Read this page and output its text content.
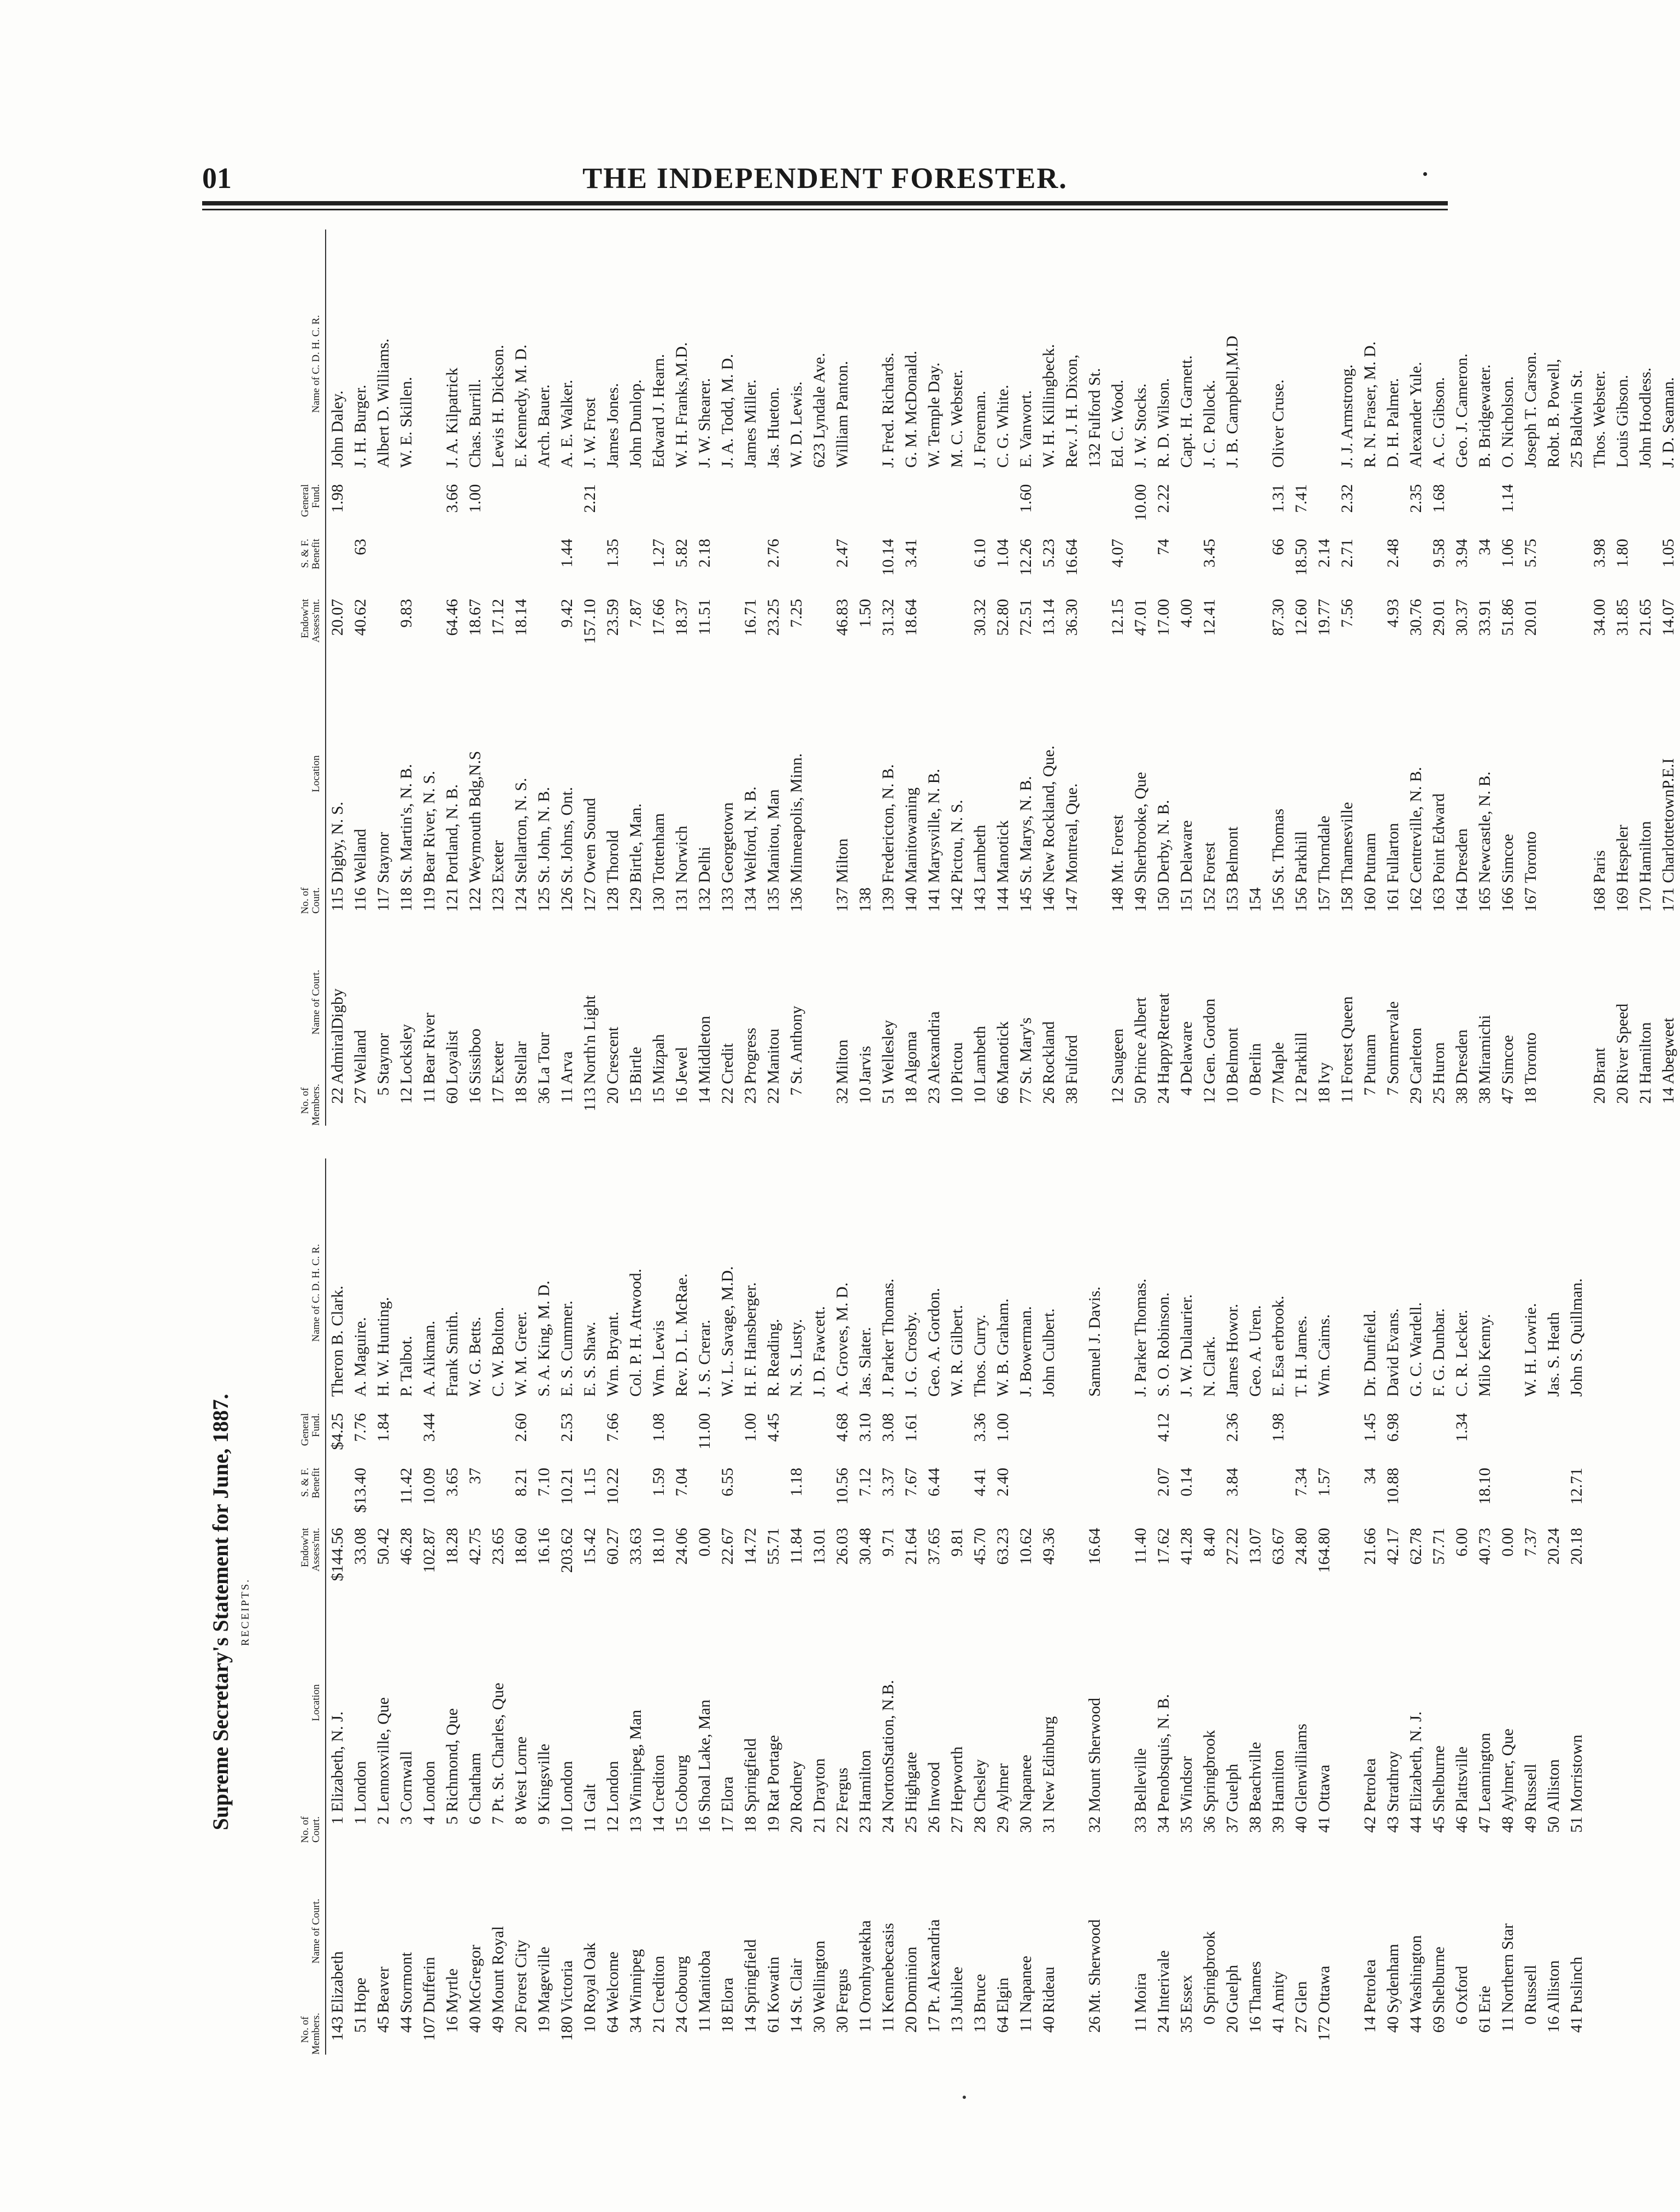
01	THE INDEPENDENT FORESTER.
Supreme Secretary's Statement for June, 1887. RECEIPTS.
No. of Members.
Name of Court.
No. of Court.
Location
Endow'nt Assess'mt.
S. & F. Benefit
General Fund.
Name of C. D. H. C. R.
143
Elizabeth
1
Elizabeth, N. J.
$144.56
$4.25
Theron B. Clark.
51
Hope
1
London
33.08
$13.40
7.76
A. Maguire.
45
Beaver
2
Lennoxville, Que
50.42
1.84
H. W. Hunting.
44
Stormont
3
Cornwall
46.28
11.42
P. Talbot.
107
Dufferin
4
London
102.87
10.09
3.44
A. Aikman.
16
Myrtle
5
Richmond, Que
18.28
3.65
Frank Smith.
40
McGregor
6
Chatham
42.75
37
W. G. Betts.
49
Mount Royal
7
Pt. St. Charles, Que
23.65
C. W. Bolton.
20
Forest City
8
West Lorne
18.60
8.21
2.60
W. M. Greer.
19
Mageville
9
Kingsville
16.16
7.10
S. A. King, M. D.
180
Victoria
10
London
203.62
10.21
2.53
E. S. Cummer.
10
Royal Oak
11
Galt
15.42
1.15
E. S. Shaw.
64
Welcome
12
London
60.27
10.22
7.66
Wm. Bryant.
34
Winnipeg
13
Winnipeg, Man
33.63
Col. P. H. Attwood.
21
Crediton
14
Crediton
18.10
1.59
1.08
Wm. Lewis
24
Cobourg
15
Cobourg
24.06
7.04
Rev. D. L. McRae.
11
Manitoba
16
Shoal Lake, Man
0.00
11.00
J. S. Crerar.
18
Elora
17
Elora
22.67
6.55
W. L. Savage, M.D.
14
Springfield
18
Springfield
14.72
1.00
H. F. Hansberger.
61
Kowatin
19
Rat Portage
55.71
4.45
R. Reading.
14
St. Clair
20
Rodney
11.84
1.18
N. S. Lusty.
30
Wellington
21
Drayton
13.01
J. D. Fawcett.
30
Fergus
22
Fergus
26.03
10.56
4.68
A. Groves, M. D.
11
Oronhyatekha
23
Hamilton
30.48
7.12
3.10
Jas. Slater.
11
Kennebecasis
24
NortonStation, N.B.
9.71
3.37
3.08
J. Parker Thomas.
20
Dominion
25
Highgate
21.64
7.67
1.61
J. G. Crosby.
17
Pt. Alexandria
26
Inwood
37.65
6.44
Geo. A. Gordon.
13
Jubilee
27
Hepworth
9.81
W. R. Gilbert.
13
Bruce
28
Chesley
45.70
4.41
3.36
Thos. Curry.
64
Elgin
29
Aylmer
63.23
2.40
1.00
W. B. Graham.
11
Napanee
30
Napanee
10.62
J. Bowerman.
40
Rideau
31
New Edinburg
49.36
John Culbert.
26
Mt. Sherwood
32
Mount Sherwood
16.64
Samuel J. Davis.
11
Moira
33
Belleville
11.40
J. Parker Thomas.
24
Interivale
34
Penobsquis, N. B.
17.62
2.07
4.12
S. O. Robinson.
35
Essex
35
Windsor
41.28
0.14
J. W. Dulaurier.
0
Springbrook
36
Springbrook
8.40
N. Clark.
20
Guelph
37
Guelph
27.22
3.84
2.36
James Howor.
16
Thames
38
Beachville
13.07
Geo. A. Uren.
41
Amity
39
Hamilton
63.67
1.98
E. Esa erbrook.
27
Glen
40
Glenwilliams
24.80
7.34
T. H. James.
172
Ottawa
41
Ottawa
164.80
1.57
Wm. Caims.
14
Petrolea
42
Petrolea
21.66
34
1.45
Dr. Dunfield.
40
Sydenham
43
Strathroy
42.17
10.88
6.98
David Evans.
44
Washington
44
Elizabeth, N. J.
62.78
G. C. Wardell.
69
Shelburne
45
Shelburne
57.71
F. G. Dunbar.
6
Oxford
46
Plattsville
6.00
1.34
C. R. Lecker.
61
Erie
47
Leamington
40.73
18.10
Milo Kenny.
11
Northern Star
48
Aylmer, Que
0.00
0
Russell
49
Russell
7.37
W. H. Lowrie.
16
Alliston
50
Alliston
20.24
Jas. S. Heath
41
Puslinch
51
Morristown
20.18
12.71
John S. Quillman.
No. of Members.
Name of Court.
No. of Court.
Location
Endow'nt Assess'mt.
S. & F. Benefit
General Fund.
Name of C. D. H. C. R.
22
AdmiralDigby
115
Digby, N. S.
20.07
1.98
John Daley.
27
Welland
116
Welland
40.62
63
J. H. Burger.
5
Staynor
117
Staynor
Albert D. Williams.
12
Locksley
118
St. Martin's, N. B.
9.83
W. E. Skillen.
11
Bear River
119
Bear River, N. S.
60
Loyalist
121
Portland, N. B.
64.46
3.66
J. A. Kilpatrick
16
Sissiboo
122
Weymouth Bdg,N.S
18.67
1.00
Chas. Burrill.
17
Exeter
123
Exeter
17.12
Lewis H. Dickson.
18
Stellar
124
Stellarton, N. S.
18.14
E. Kennedy, M. D.
36
La Tour
125
St. John, N. B.
Arch. Bauer.
11
Arva
126
St. Johns, Ont.
9.42
1.44
A. E. Walker.
113
North'n Light
127
Owen Sound
157.10
2.21
J. W. Frost
20
Crescent
128
Thorold
23.59
1.35
James Jones.
15
Birtle
129
Birtle, Man.
7.87
John Dunlop.
15
Mizpah
130
Tottenham
17.66
1.27
Edward J. Hearn.
16
Jewel
131
Norwich
18.37
5.82
W. H. Franks,M.D.
14
Middleton
132
Delhi
11.51
2.18
J. W. Shearer.
22
Credit
133
Georgetown
J. A. Todd, M. D.
23
Progress
134
Welford, N. B.
16.71
James Miller.
22
Manitou
135
Manitou, Man
23.25
2.76
Jas. Hueton.
7
St. Anthony
136
Minneapolis, Minn.
7.25
W. D. Lewis. 623 Lyndale Ave.
32
Milton
137
Milton
46.83
2.47
William Panton.
10
Jarvis
138
1.50
51
Wellesley
139
Fredericton, N. B.
31.32
10.14
J. Fred. Richards.
18
Algoma
140
Manitowaning
18.64
3.41
G. M. McDonald.
23
Alexandria
141
Marysville, N. B.
W. Temple Day.
10
Pictou
142
Pictou, N. S.
M. C. Webster.
10
Lambeth
143
Lambeth
30.32
6.10
J. Foreman.
66
Manotick
144
Manotick
52.80
1.04
C. G. White.
77
St. Mary's
145
St. Marys, N. B.
72.51
12.26
1.60
E. Vanwort.
26
Rockland
146
New Rockland, Que.
13.14
5.23
W. H. Killingbeck.
38
Fulford
147
Montreal, Que.
36.30
16.64
Rev. J. H. Dixon, 132 Fulford St.
12
Saugeen
148
Mt. Forest
12.15
4.07
Ed. C. Wood.
50
Prince Albert
149
Sherbrooke, Que
47.01
10.00
J. W. Stocks.
24
HappyRetreat
150
Derby, N. B.
17.00
74
2.22
R. D. Wilson.
4
Delaware
151
Delaware
4.00
Capt. H. Garnett.
12
Gen. Gordon
152
Forest
12.41
3.45
J. C. Pollock.
10
Belmont
153
Belmont
J. B. Campbell,M.D
0
Berlin
154
77
Maple
156
St. Thomas
87.30
66
1.31
Oliver Cruse.
12
Parkhill
156
Parkhill
12.60
18.50
7.41
18
Ivy
157
Thorndale
19.77
2.14
11
Forest Queen
158
Thamesville
7.56
2.71
2.32
J. J. Armstrong.
7
Putnam
160
Putnam
R. N. Fraser, M. D.
7
Sommervale
161
Fullarton
4.93
2.48
D. H. Palmer.
29
Carleton
162
Centreville, N. B.
30.76
2.35
Alexander Yule.
25
Huron
163
Point Edward
29.01
9.58
1.68
A. C. Gibson.
38
Dresden
164
Dresden
30.37
3.94
Geo. J. Cameron.
38
Miramichi
165
Newcastle, N. B.
33.91
34
B. Bridgewater.
47
Simcoe
166
Simcoe
51.86
1.06
1.14
O. Nicholson.
18
Toronto
167
Toronto
20.01
5.75
Joseph T. Carson. Robt. B. Powell, 25 Baldwin St.
20
Brant
168
Paris
34.00
3.98
Thos. Webster.
20
River Speed
169
Hespeler
31.85
1.80
Louis Gibson.
21
Hamilton
170
Hamilton
21.65
John Hoodless.
14
Abegweet
171
CharlottetownP.E.I
14.07
1.05
J. D. Seaman.
